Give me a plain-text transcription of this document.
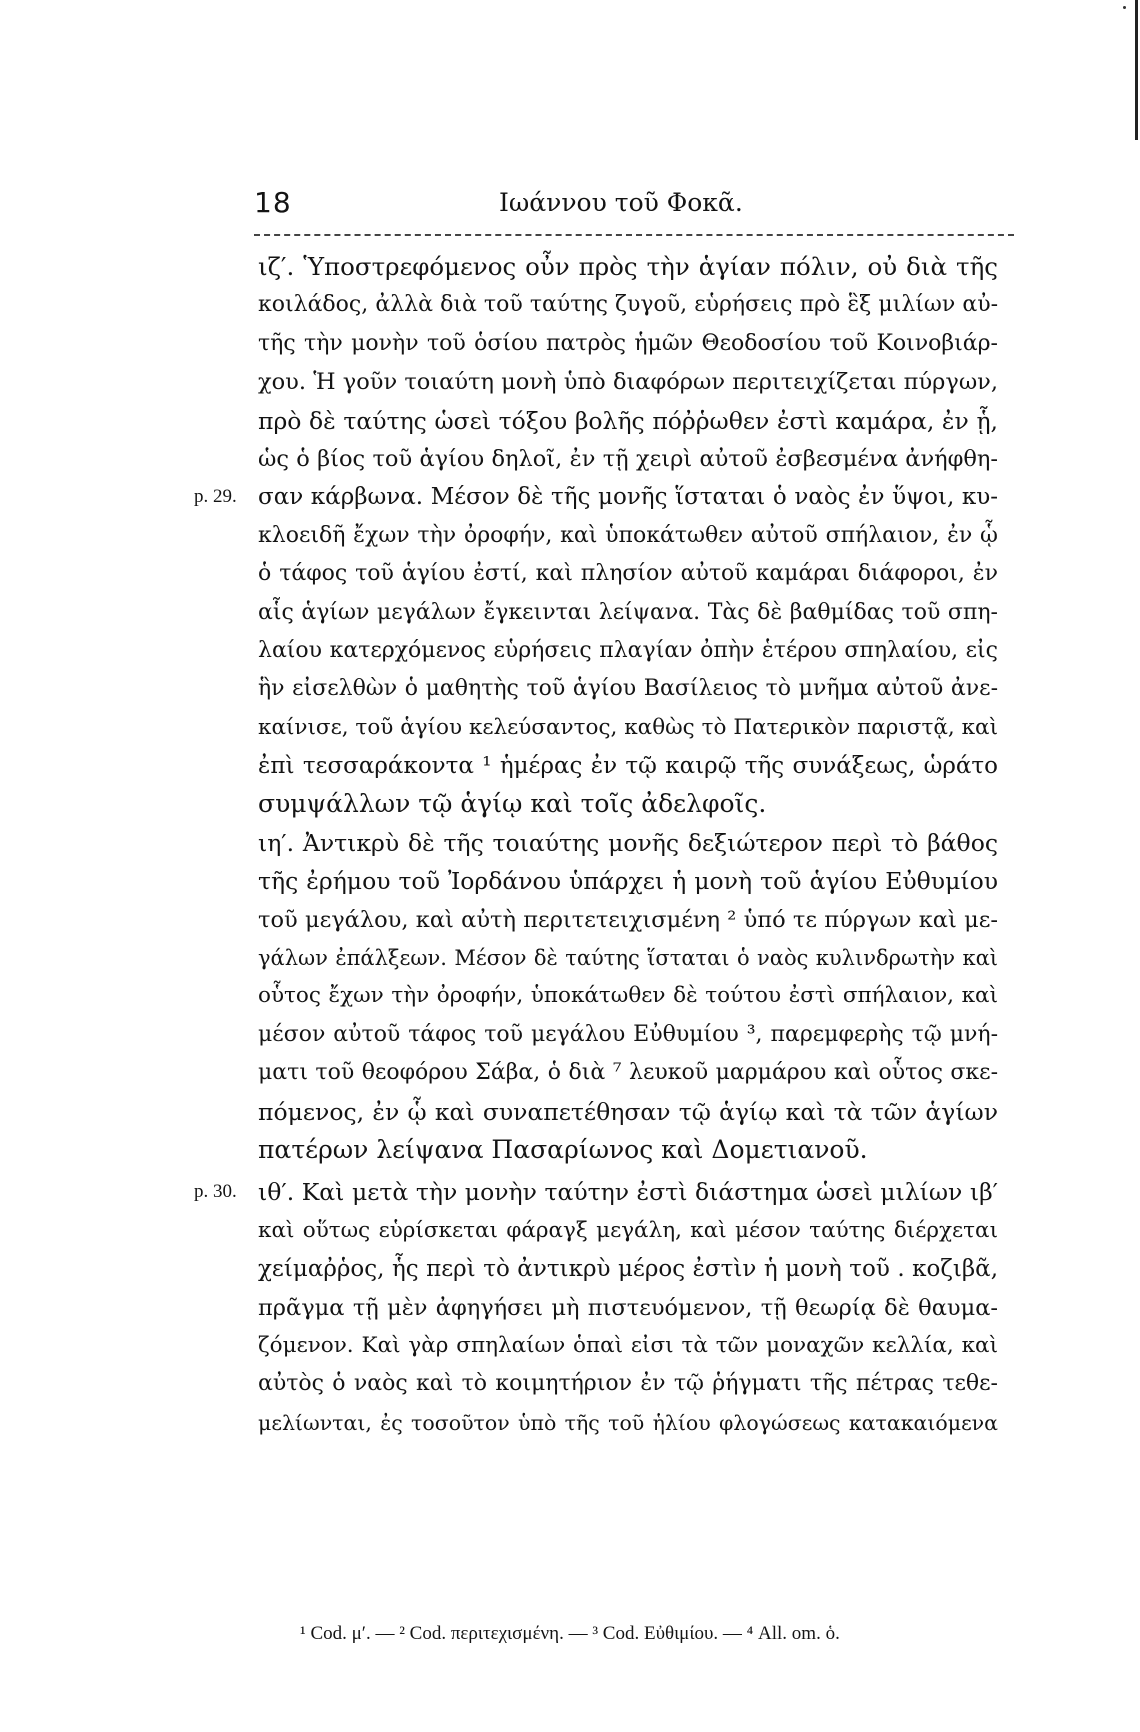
18	Ιωάννου τοῦ Φοκᾶ.
ιζ′. Ὑποστρεφόμενος οὖν πρὸς τὴν ἁγίαν πόλιν, οὐ διὰ τῆς
κοιλάδος, ἀλλὰ διὰ τοῦ ταύτης ζυγοῦ, εὑρήσεις πρὸ ἓξ μιλίων αὐ-
τῆς τὴν μονὴν τοῦ ὁσίου πατρὸς ἡμῶν Θεοδοσίου τοῦ Κοινοβιάρ-
χου. Ἡ γοῦν τοιαύτη μονὴ ὑπὸ διαφόρων περιτειχίζεται πύργων,
πρὸ δὲ ταύτης ὡσεὶ τόξου βολῆς πόῤῥωθεν ἐστὶ καμάρα, ἐν ᾗ,
ὡς ὁ βίος τοῦ ἁγίου δηλοῖ, ἐν τῇ χειρὶ αὐτοῦ ἐσβεσμένα ἀνήφθη-
p. 29. σαν κάρβωνα. Μέσον δὲ τῆς μονῆς ἵσταται ὁ ναὸς ἐν ὕψοι, κυ-
κλοειδῆ ἔχων τὴν ὀροφήν, καὶ ὑποκάτωθεν αὐτοῦ σπήλαιον, ἐν ᾧ
ὁ τάφος τοῦ ἁγίου ἐστί, καὶ πλησίον αὐτοῦ καμάραι διάφοροι, ἐν
αἷς ἁγίων μεγάλων ἔγκεινται λείψανα. Τὰς δὲ βαθμίδας τοῦ σπη-
λαίου κατερχόμενος εὑρήσεις πλαγίαν ὀπὴν ἑτέρου σπηλαίου, εἰς
ἣν εἰσελθὼν ὁ μαθητὴς τοῦ ἁγίου Βασίλειος τὸ μνῆμα αὐτοῦ ἀνε-
καίνισε, τοῦ ἁγίου κελεύσαντος, καθὼς τὸ Πατερικὸν παριστᾷ, καὶ
ἐπὶ τεσσαράκοντα ¹ ἡμέρας ἐν τῷ καιρῷ τῆς συνάξεως, ὡράτο
συμψάλλων τῷ ἁγίῳ καὶ τοῖς ἀδελφοῖς.
ιη′. Ἀντικρὺ δὲ τῆς τοιαύτης μονῆς δεξιώτερον περὶ τὸ βάθος
τῆς ἐρήμου τοῦ Ἰορδάνου ὑπάρχει ἡ μονὴ τοῦ ἁγίου Εὐθυμίου
τοῦ μεγάλου, καὶ αὐτὴ περιτετειχισμένη ² ὑπό τε πύργων καὶ με-
γάλων ἐπάλξεων. Μέσον δὲ ταύτης ἵσταται ὁ ναὸς κυλινδρωτὴν καὶ
οὗτος ἔχων τὴν ὀροφήν, ὑποκάτωθεν δὲ τούτου ἐστὶ σπήλαιον, καὶ
μέσον αὐτοῦ τάφος τοῦ μεγάλου Εὐθυμίου ³, παρεμφερὴς τῷ μνή-
ματι τοῦ θεοφόρου Σάβα, ὁ διὰ ⁷ λευκοῦ μαρμάρου καὶ οὗτος σκε-
πόμενος, ἐν ᾧ καὶ συναπετέθησαν τῷ ἁγίῳ καὶ τὰ τῶν ἁγίων
πατέρων λείψανα Πασαρίωνος καὶ Δομετιανοῦ.
p. 30. ιθ′. Καὶ μετὰ τὴν μονὴν ταύτην ἐστὶ διάστημα ὡσεὶ μιλίων ιβ′
καὶ οὕτως εὑρίσκεται φάραγξ μεγάλη, καὶ μέσον ταύτης διέρχεται
χείμαῤῥος, ἧς περὶ τὸ ἀντικρὺ μέρος ἐστὶν ἡ μονὴ τοῦ . κοζιβᾶ,
πρᾶγμα τῇ μὲν ἀφηγήσει μὴ πιστευόμενον, τῇ θεωρίᾳ δὲ θαυμα-
ζόμενον. Καὶ γὰρ σπηλαίων ὁπαὶ εἰσι τὰ τῶν μοναχῶν κελλία, καὶ
αὐτὸς ὁ ναὸς καὶ τὸ κοιμητήριον ἐν τῷ ῥήγματι τῆς πέτρας τεθε-
μελίωνται, ἐς τοσοῦτον ὑπὸ τῆς τοῦ ἡλίου φλογώσεως κατακαιόμενα
¹ Cod. μ′. — ² Cod. περιτεχισμένη. — ³ Cod. Εὐθιμίου. — ⁴ All. om. ὁ.
